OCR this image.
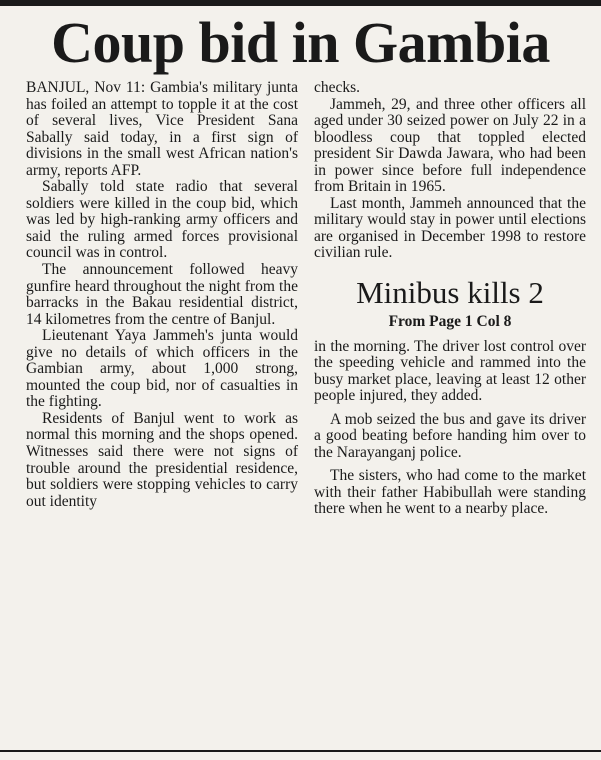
Coup bid in Gambia

BANJUL, Nov 11: Gambia's military junta has foiled an attempt to topple it at the cost of several lives, Vice President Sana Sabally said today, in a first sign of divisions in the small west African nation's army, reports AFP.

Sabally told state radio that several soldiers were killed in the coup bid, which was led by high-ranking army officers and said the ruling armed forces provisional council was in control.

The announcement followed heavy gunfire heard throughout the night from the barracks in the Bakau residential district, 14 kilometres from the centre of Banjul.

Lieutenant Yaya Jammeh's junta would give no details of which officers in the Gambian army, about 1,000 strong, mounted the coup bid, nor of casualties in the fighting.

Residents of Banjul went to work as normal this morning and the shops opened. Witnesses said there were not signs of trouble around the presidential residence, but soldiers were stopping vehicles to carry out identity

checks.

Jammeh, 29, and three other officers all aged under 30 seized power on July 22 in a bloodless coup that toppled elected president Sir Dawda Jawara, who had been in power since before full independence from Britain in 1965.

Last month, Jammeh announced that the military would stay in power until elections are organised in December 1998 to restore civilian rule.

Minibus kills 2
From Page 1 Col 8

in the morning. The driver lost control over the speeding vehicle and rammed into the busy market place, leaving at least 12 other people injured, they added.

A mob seized the bus and gave its driver a good beating before handing him over to the Narayanganj police.

The sisters, who had come to the market with their father Habibullah were standing there when he went to a nearby place.
